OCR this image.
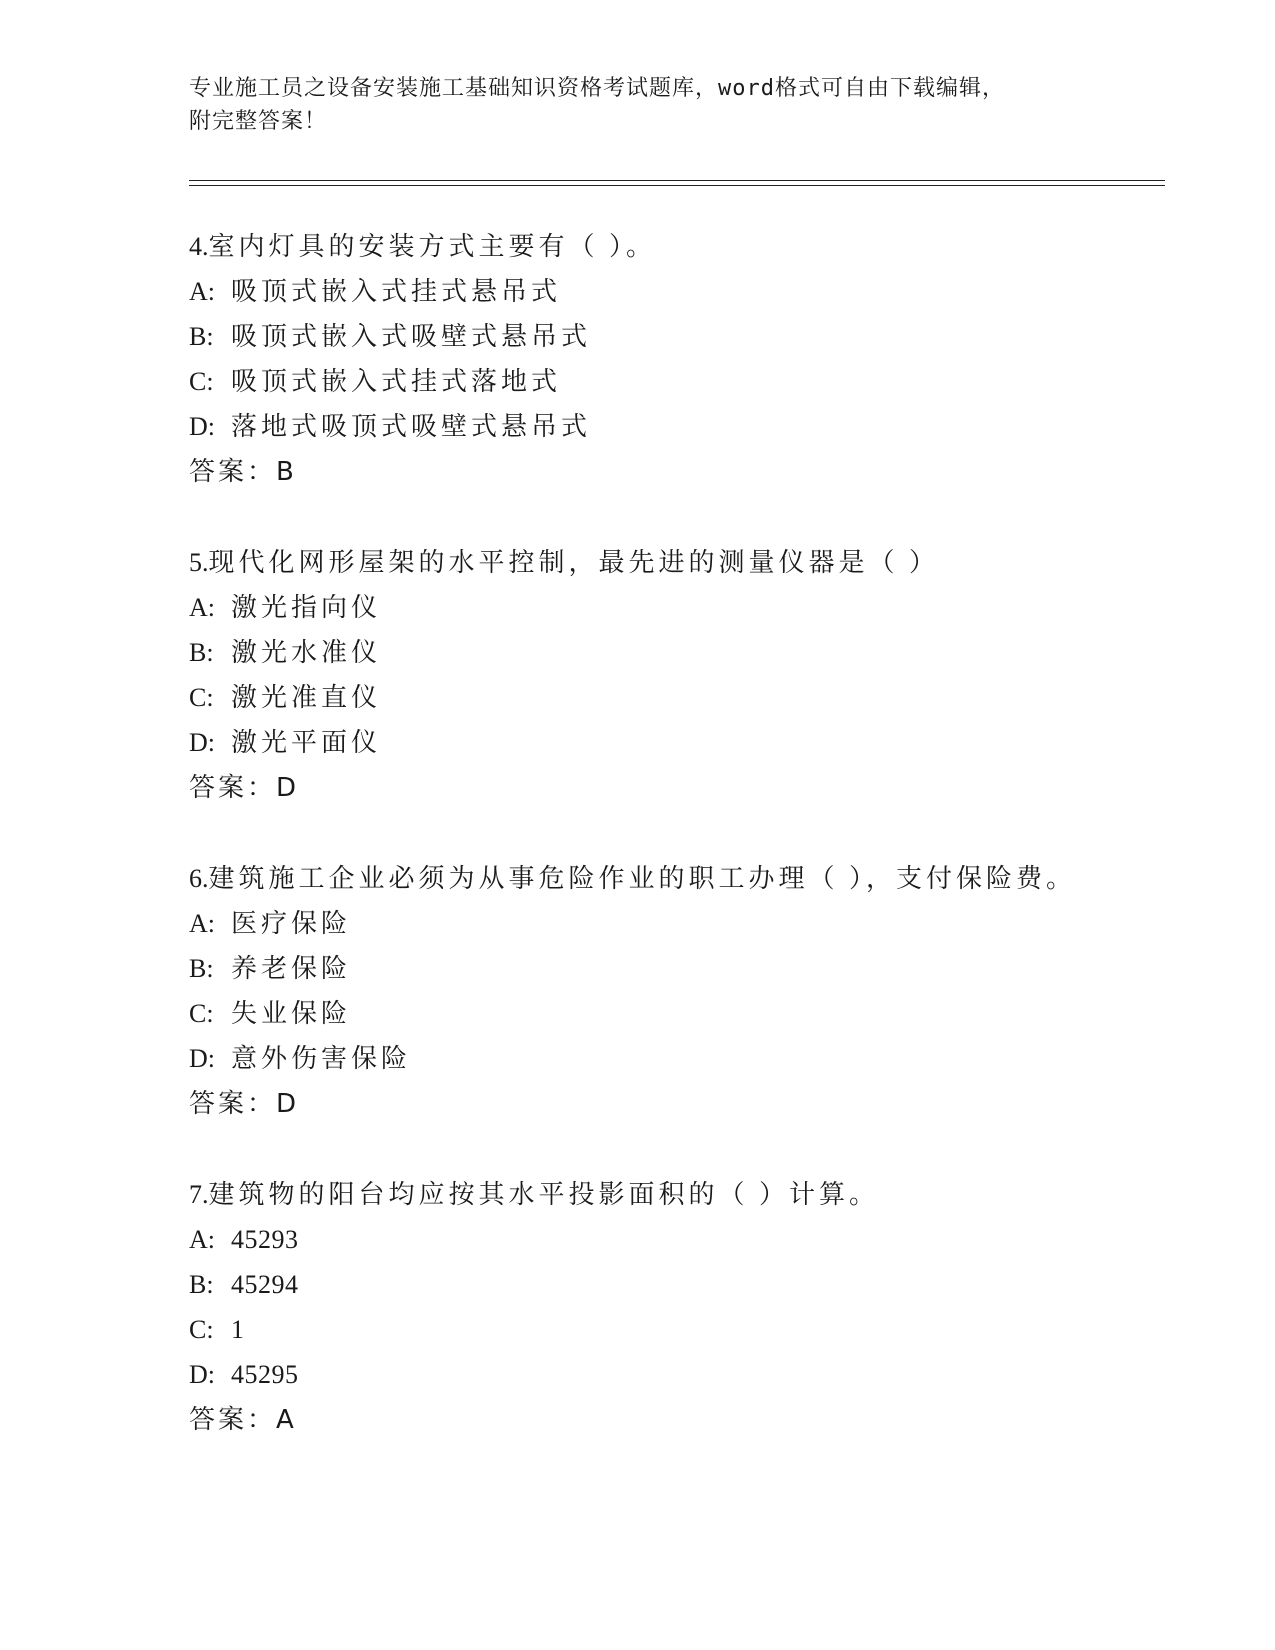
专业施工员之设备安装施工基础知识资格考试题库，word格式可自由下载编辑，
附完整答案！
4.室内灯具的安装方式主要有（ ）。
A: 吸顶式嵌入式挂式悬吊式
B: 吸顶式嵌入式吸壁式悬吊式
C: 吸顶式嵌入式挂式落地式
D: 落地式吸顶式吸壁式悬吊式
答案：B
5.现代化网形屋架的水平控制，最先进的测量仪器是（ ）
A: 激光指向仪
B: 激光水准仪
C: 激光准直仪
D: 激光平面仪
答案：D
6.建筑施工企业必须为从事危险作业的职工办理（ ），支付保险费。
A: 医疗保险
B: 养老保险
C: 失业保险
D: 意外伤害保险
答案：D
7.建筑物的阳台均应按其水平投影面积的（ ）计算。
A: 45293
B: 45294
C: 1
D: 45295
答案：A
